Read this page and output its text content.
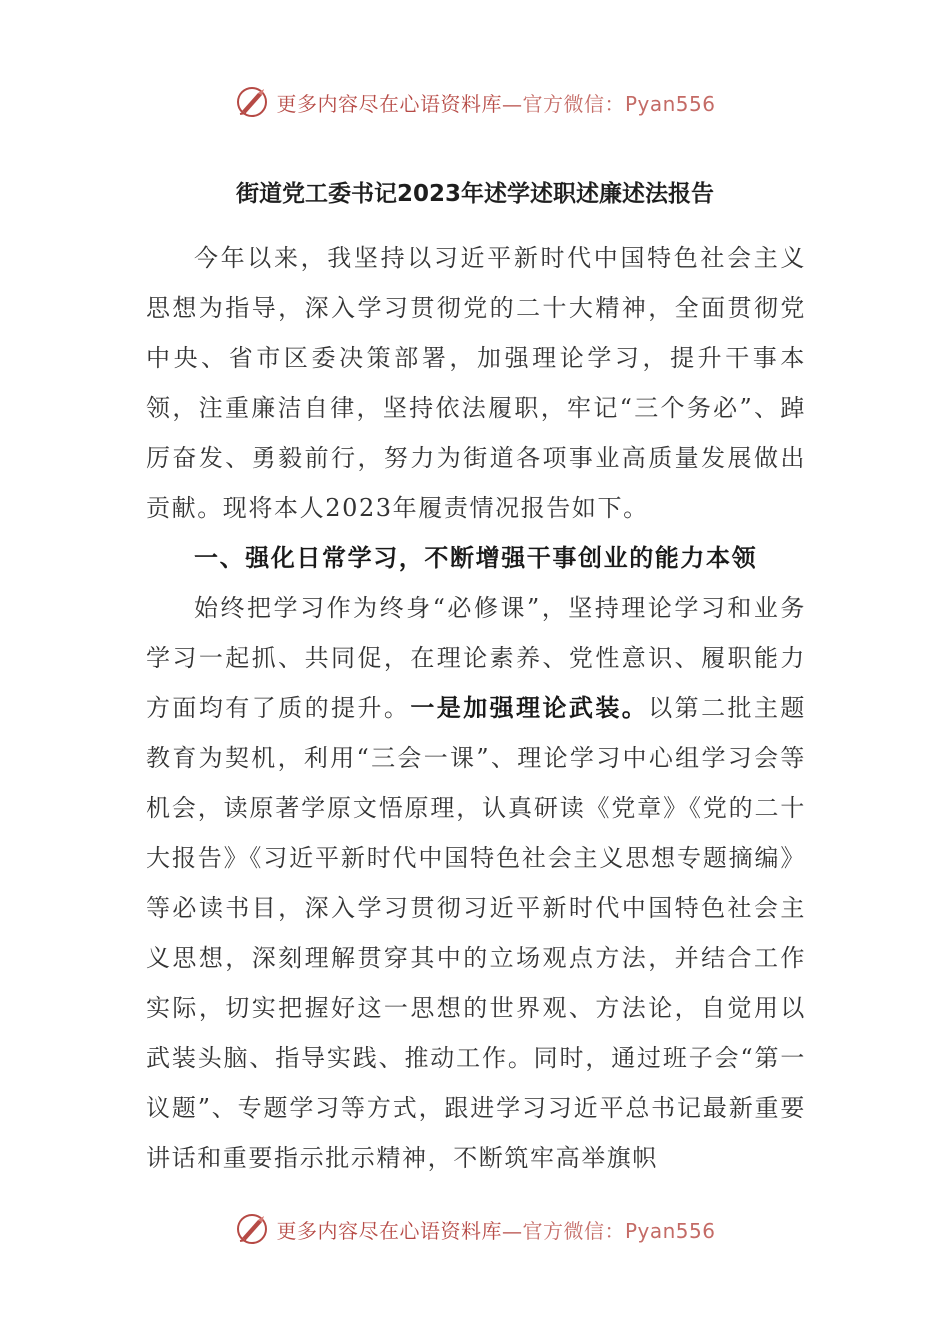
更多内容尽在心语资料库—官方微信：Pyan556
街道党工委书记2023年述学述职述廉述法报告

今年以来，我坚持以习近平新时代中国特色社会主义思想为指导，深入学习贯彻党的二十大精神，全面贯彻党中央、省市区委决策部署，加强理论学习，提升干事本领，注重廉洁自律，坚持依法履职，牢记“三个务必”、踔厉奋发、勇毅前行，努力为街道各项事业高质量发展做出贡献。现将本人2023年履责情况报告如下。

一、强化日常学习，不断增强干事创业的能力本领

始终把学习作为终身“必修课”，坚持理论学习和业务学习一起抓、共同促，在理论素养、党性意识、履职能力方面均有了质的提升。一是加强理论武装。以第二批主题教育为契机，利用“三会一课”、理论学习中心组学习会等机会，读原著学原文悟原理，认真研读《党章》《党的二十大报告》《习近平新时代中国特色社会主义思想专题摘编》等必读书目，深入学习贯彻习近平新时代中国特色社会主义思想，深刻理解贯穿其中的立场观点方法，并结合工作实际，切实把握好这一思想的世界观、方法论，自觉用以武装头脑、指导实践、推动工作。同时，通过班子会“第一议题”、专题学习等方式，跟进学习习近平总书记最新重要讲话和重要指示批示精神，不断筑牢高举旗帜

更多内容尽在心语资料库—官方微信：Pyan556
